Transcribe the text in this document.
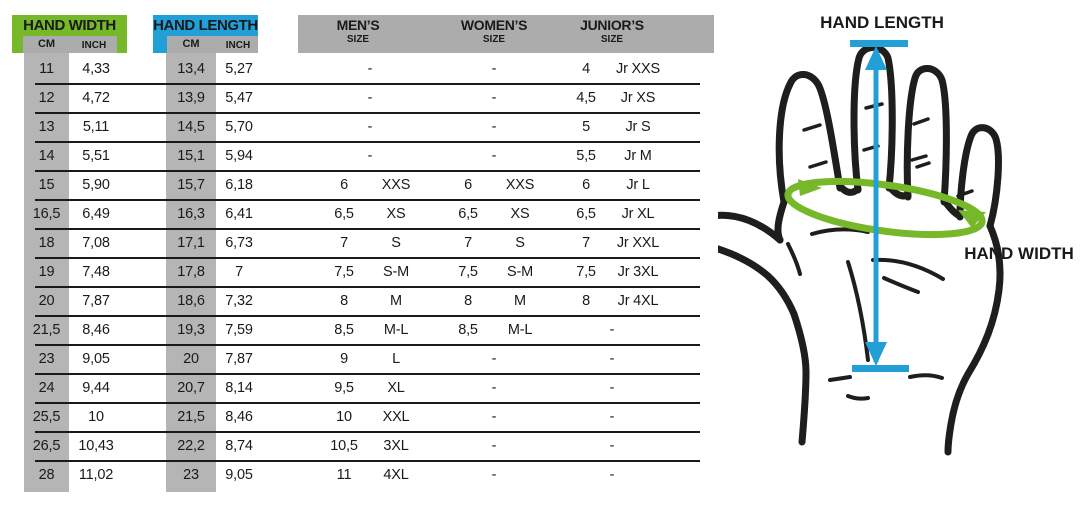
HAND WIDTH
CM	INCH
HAND LENGTH
CM	INCH
MEN’S
SIZE
WOMEN’S
SIZE
JUNIOR’S
SIZE
11	4,33	13,4	5,27	-	-	4	Jr XXS
12	4,72	13,9	5,47	-	-	4,5	Jr XS
13	5,11	14,5	5,70	-	-	5	Jr S
14	5,51	15,1	5,94	-	-	5,5	Jr M
15	5,90	15,7	6,18	6	XXS	6	XXS	6	Jr L
16,5	6,49	16,3	6,41	6,5	XS	6,5	XS	6,5	Jr XL
18	7,08	17,1	6,73	7	S	7	S	7	Jr XXL
19	7,48	17,8	7	7,5	S-M	7,5	S-M	7,5	Jr 3XL
20	7,87	18,6	7,32	8	M	8	M	8	Jr 4XL
21,5	8,46	19,3	7,59	8,5	M-L	8,5	M-L	-
23	9,05	20	7,87	9	L	-	-
24	9,44	20,7	8,14	9,5	XL	-	-
25,5	10	21,5	8,46	10	XXL	-	-
26,5	10,43	22,2	8,74	10,5	3XL	-	-
28	11,02	23	9,05	11	4XL	-	-
HAND LENGTH
HAND WIDTH
